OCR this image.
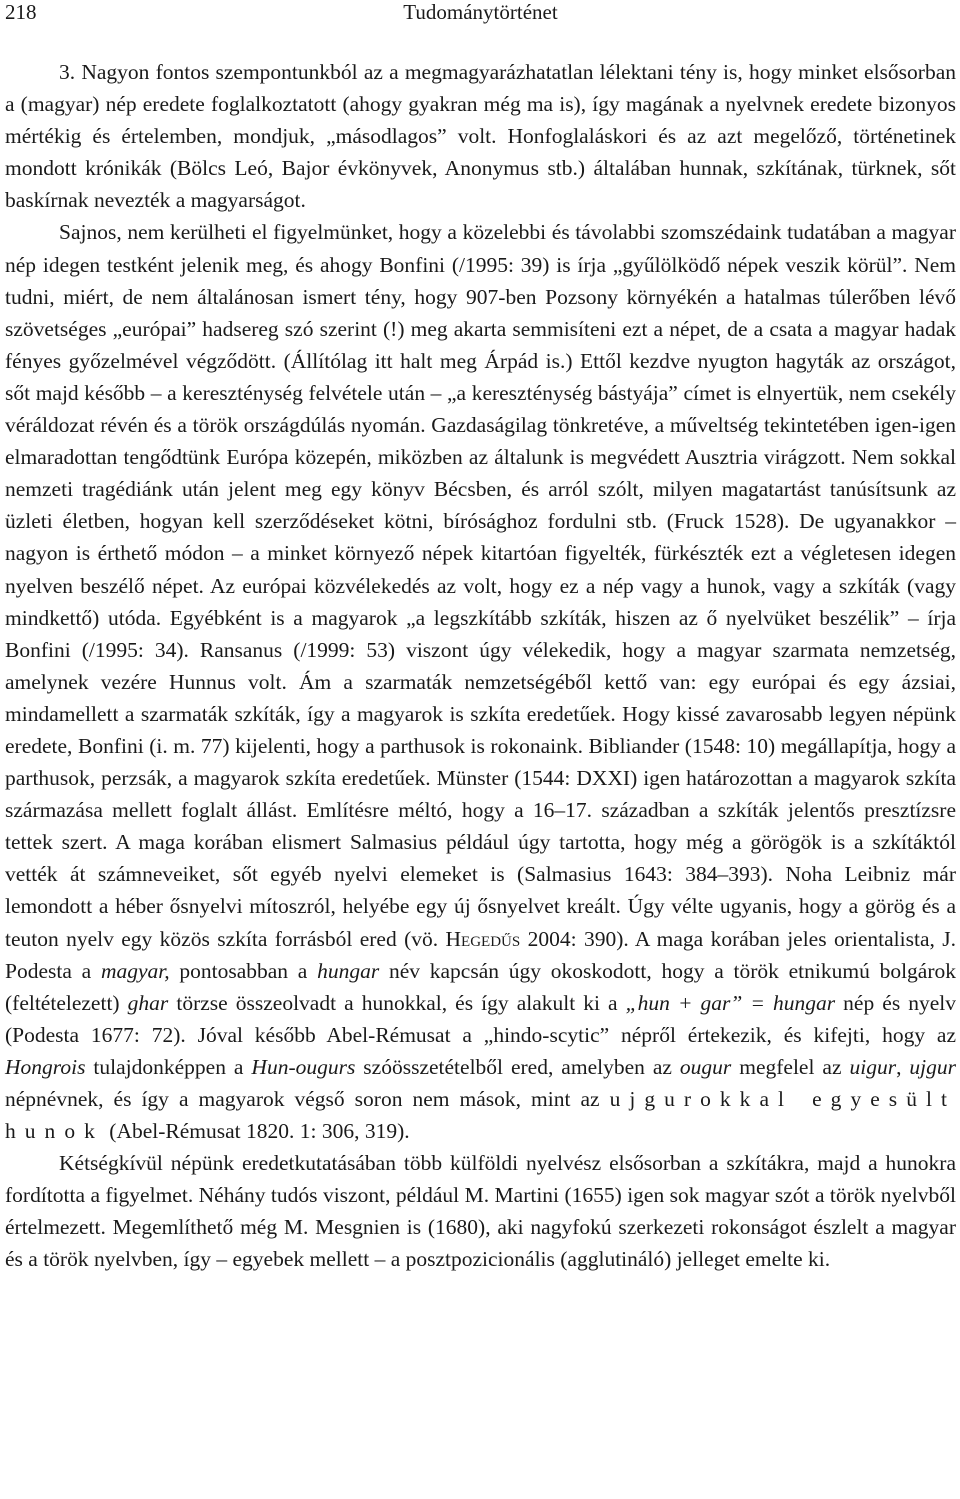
218	Tudománytörténet

3. Nagyon fontos szempontunkból az a megmagyarázhatatlan lélektani tény is, hogy minket elsősorban a (magyar) nép eredete foglalkoztatott (ahogy gyakran még ma is), így magának a nyelvnek eredete bizonyos mértékig és értelemben, mondjuk, „másodlagos” volt. Honfoglaláskori és az azt megelőző, történetinek mondott krónikák (Bölcs Leó, Bajor évkönyvek, Anonymus stb.) általában hunnak, szkítának, türknek, sőt baskírnak nevezték a magyarságot.

Sajnos, nem kerülheti el figyelmünket, hogy a közelebbi és távolabbi szomszédaink tudatában a magyar nép idegen testként jelenik meg, és ahogy Bonfini (/1995: 39) is írja „gyűlölködő népek veszik körül”. Nem tudni, miért, de nem általánosan ismert tény, hogy 907-ben Pozsony környékén a hatalmas túlerőben lévő szövetséges „európai” hadsereg szó szerint (!) meg akarta semmisíteni ezt a népet, de a csata a magyar hadak fényes győzelmével végződött. (Állítólag itt halt meg Árpád is.) Ettől kezdve nyugton hagyták az országot, sőt majd később – a kereszténység felvétele után – „a kereszténység bástyája” címet is elnyertük, nem csekély véráldozat révén és a török országdúlás nyomán. Gazdaságilag tönkretéve, a műveltség tekintetében igen-igen elmaradottan tengődtünk Európa közepén, miközben az általunk is megvédett Ausztria virágzott. Nem sokkal nemzeti tragédiánk után jelent meg egy könyv Bécsben, és arról szólt, milyen magatartást tanúsítsunk az üzleti életben, hogyan kell szerződéseket kötni, bírósághoz fordulni stb. (Fruck 1528). De ugyanakkor – nagyon is érthető módon – a minket környező népek kitartóan figyelték, fürkészték ezt a végletesen idegen nyelven beszélő népet. Az európai közvélekedés az volt, hogy ez a nép vagy a hunok, vagy a szkíták (vagy mindkettő) utóda. Egyébként is a magyarok „a legszkítább szkíták, hiszen az ő nyelvüket beszélik” – írja Bonfini (/1995: 34). Ransanus (/1999: 53) viszont úgy vélekedik, hogy a magyar szarmata nemzetség, amelynek vezére Hunnus volt. Ám a szarmaták nemzetségéből kettő van: egy európai és egy ázsiai, mindamellett a szarmaták szkíták, így a magyarok is szkíta eredetűek. Hogy kissé zavarosabb legyen népünk eredete, Bonfini (i. m. 77) kijelenti, hogy a parthusok is rokonaink. Bibliander (1548: 10) megállapítja, hogy a parthusok, perzsák, a magyarok szkíta eredetűek. Münster (1544: DXXI) igen határozottan a magyarok szkíta származása mellett foglalt állást. Említésre méltó, hogy a 16–17. században a szkíták jelentős presztízsre tettek szert. A maga korában elismert Salmasius például úgy tartotta, hogy még a görögök is a szkítáktól vették át számneveiket, sőt egyéb nyelvi elemeket is (Salmasius 1643: 384–393). Noha Leibniz már lemondott a héber ősnyelvi mítoszról, helyébe egy új ősnyelvet kreált. Úgy vélte ugyanis, hogy a görög és a teuton nyelv egy közös szkíta forrásból ered (vö. Hegedűs 2004: 390). A maga korában jeles orientalista, J. Podesta a magyar, pontosabban a hungar név kapcsán úgy okoskodott, hogy a török etnikumú bolgárok (feltételezett) ghar törzse összeolvadt a hunokkal, és így alakult ki a „hun + gar” = hungar nép és nyelv (Podesta 1677: 72). Jóval később Abel-Rémusat a „hindo-scytic” népről értekezik, és kifejti, hogy az Hongrois tulajdonképpen a Hun-ougurs szóösszetételből ered, amelyben az ougur megfelel az uigur, ujgur népnévnek, és így a magyarok végső soron nem mások, mint az ujgurokkal egyesült hunok (Abel-Rémusat 1820. 1: 306, 319).

Kétségkívül népünk eredetkutatásában több külföldi nyelvész elsősorban a szkítákra, majd a hunokra fordította a figyelmet. Néhány tudós viszont, például M. Martini (1655) igen sok magyar szót a török nyelvből értelmezett. Megemlíthető még M. Mesgnien is (1680), aki nagyfokú szerkezeti rokonságot észlelt a magyar és a török nyelvben, így – egyebek mellett – a posztpozicionális (agglutináló) jelleget emelte ki.
